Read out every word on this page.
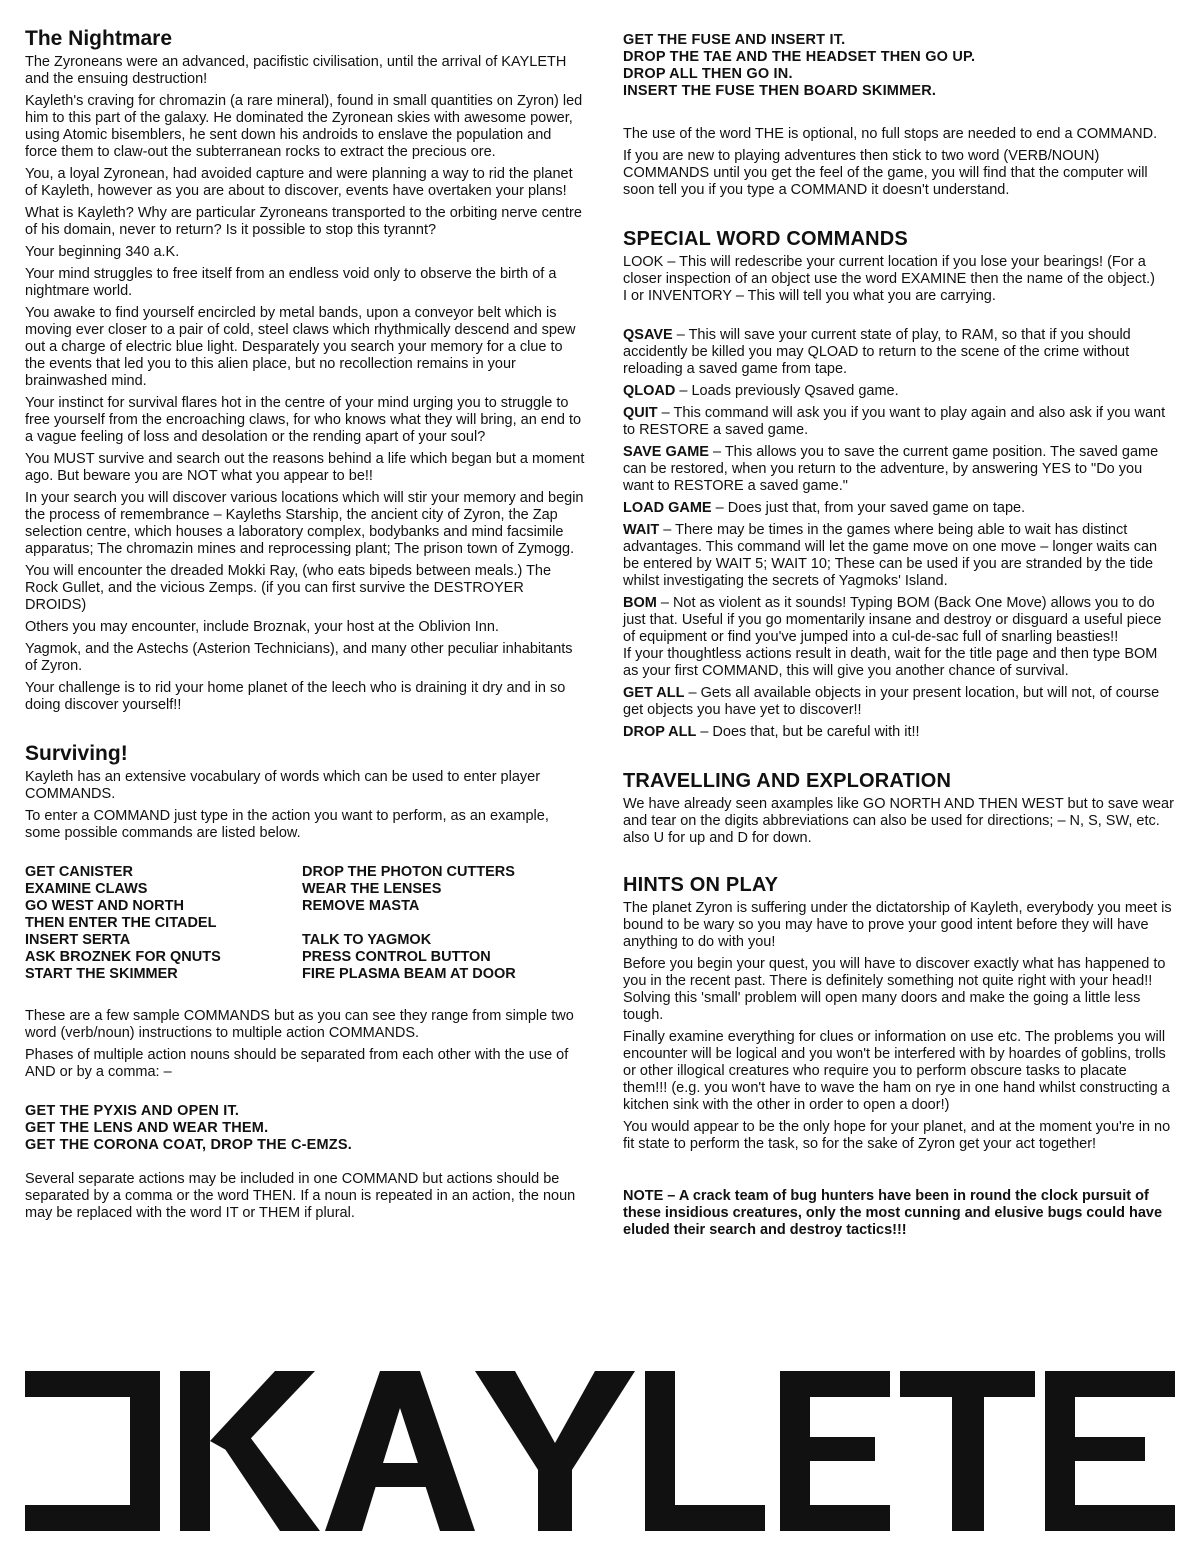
The Nightmare

The Zyroneans were an advanced, pacifistic civilisation, until the arrival of KAYLETH and the ensuing destruction!

Kayleth's craving for chromazin (a rare mineral), found in small quantities on Zyron) led him to this part of the galaxy. He dominated the Zyronean skies with awesome power, using Atomic bisemblers, he sent down his androids to enslave the population and force them to claw-out the subterranean rocks to extract the precious ore.

You, a loyal Zyronean, had avoided capture and were planning a way to rid the planet of Kayleth, however as you are about to discover, events have overtaken your plans!

What is Kayleth? Why are particular Zyroneans transported to the orbiting nerve centre of his domain, never to return? Is it possible to stop this tyrannt?

Your beginning 340 a.K.

Your mind struggles to free itself from an endless void only to observe the birth of a nightmare world.

You awake to find yourself encircled by metal bands, upon a conveyor belt which is moving ever closer to a pair of cold, steel claws which rhythmically descend and spew out a charge of electric blue light. Desparately you search your memory for a clue to the events that led you to this alien place, but no recollection remains in your brainwashed mind.

Your instinct for survival flares hot in the centre of your mind urging you to struggle to free yourself from the encroaching claws, for who knows what they will bring, an end to a vague feeling of loss and desolation or the rending apart of your soul?

You MUST survive and search out the reasons behind a life which began but a moment ago. But beware you are NOT what you appear to be!!

In your search you will discover various locations which will stir your memory and begin the process of remembrance – Kayleths Starship, the ancient city of Zyron, the Zap selection centre, which houses a laboratory complex, bodybanks and mind facsimile apparatus; The chromazin mines and reprocessing plant; The prison town of Zymogg.

You will encounter the dreaded Mokki Ray, (who eats bipeds between meals.) The Rock Gullet, and the vicious Zemps. (if you can first survive the DESTROYER DROIDS)

Others you may encounter, include Broznak, your host at the Oblivion Inn.

Yagmok, and the Astechs (Asterion Technicians), and many other peculiar inhabitants of Zyron.

Your challenge is to rid your home planet of the leech who is draining it dry and in so doing discover yourself!!

Surviving!

Kayleth has an extensive vocabulary of words which can be used to enter player COMMANDS.

To enter a COMMAND just type in the action you want to perform, as an example, some possible commands are listed below.

GET CANISTER
EXAMINE CLAWS
GO WEST AND NORTH
THEN ENTER THE CITADEL
INSERT SERTA
ASK BROZNEK FOR QNUTS
START THE SKIMMER
DROP THE PHOTON CUTTERS
WEAR THE LENSES
REMOVE MASTA
TALK TO YAGMOK
PRESS CONTROL BUTTON
FIRE PLASMA BEAM AT DOOR

These are a few sample COMMANDS but as you can see they range from simple two word (verb/noun) instructions to multiple action COMMANDS.

Phases of multiple action nouns should be separated from each other with the use of AND or by a comma: –

GET THE PYXIS AND OPEN IT.
GET THE LENS AND WEAR THEM.
GET THE CORONA COAT, DROP THE C-EMZS.

Several separate actions may be included in one COMMAND but actions should be separated by a comma or the word THEN. If a noun is repeated in an action, the noun may be replaced with the word IT or THEM if plural.

GET THE FUSE AND INSERT IT.
DROP THE TAE AND THE HEADSET THEN GO UP.
DROP ALL THEN GO IN.
INSERT THE FUSE THEN BOARD SKIMMER.

The use of the word THE is optional, no full stops are needed to end a COMMAND.

If you are new to playing adventures then stick to two word (VERB/NOUN) COMMANDS until you get the feel of the game, you will find that the computer will soon tell you if you type a COMMAND it doesn't understand.

SPECIAL WORD COMMANDS

LOOK – This will redescribe your current location if you lose your bearings! (For a closer inspection of an object use the word EXAMINE then the name of the object.)

I or INVENTORY – This will tell you what you are carrying.

QSAVE – This will save your current state of play, to RAM, so that if you should accidently be killed you may QLOAD to return to the scene of the crime without reloading a saved game from tape.

QLOAD – Loads previously Qsaved game.

QUIT – This command will ask you if you want to play again and also ask if you want to RESTORE a saved game.

SAVE GAME – This allows you to save the current game position. The saved game can be restored, when you return to the adventure, by answering YES to "Do you want to RESTORE a saved game."

LOAD GAME – Does just that, from your saved game on tape.

WAIT – There may be times in the games where being able to wait has distinct advantages. This command will let the game move on one move – longer waits can be entered by WAIT 5; WAIT 10; These can be used if you are stranded by the tide whilst investigating the secrets of Yagmoks' Island.

BOM – Not as violent as it sounds! Typing BOM (Back One Move) allows you to do just that. Useful if you go momentarily insane and destroy or disguard a useful piece of equipment or find you've jumped into a cul-de-sac full of snarling beasties!!

If your thoughtless actions result in death, wait for the title page and then type BOM as your first COMMAND, this will give you another chance of survival.

GET ALL – Gets all available objects in your present location, but will not, of course get objects you have yet to discover!!

DROP ALL – Does that, but be careful with it!!

TRAVELLING AND EXPLORATION

We have already seen axamples like GO NORTH AND THEN WEST but to save wear and tear on the digits abbreviations can also be used for directions; – N, S, SW, etc. also U for up and D for down.

HINTS ON PLAY

The planet Zyron is suffering under the dictatorship of Kayleth, everybody you meet is bound to be wary so you may have to prove your good intent before they will have anything to do with you!

Before you begin your quest, you will have to discover exactly what has happened to you in the recent past. There is definitely something not quite right with your head!! Solving this 'small' problem will open many doors and make the going a little less tough.

Finally examine everything for clues or information on use etc. The problems you will encounter will be logical and you won't be interfered with by hoardes of goblins, trolls or other illogical creatures who require you to perform obscure tasks to placate them!!! (e.g. you won't have to wave the ham on rye in one hand whilst constructing a kitchen sink with the other in order to open a door!)

You would appear to be the only hope for your planet, and at the moment you're in no fit state to perform the task, so for the sake of Zyron get your act together!

NOTE – A crack team of bug hunters have been in round the clock pursuit of these insidious creatures, only the most cunning and elusive bugs could have eluded their search and destroy tactics!!!
